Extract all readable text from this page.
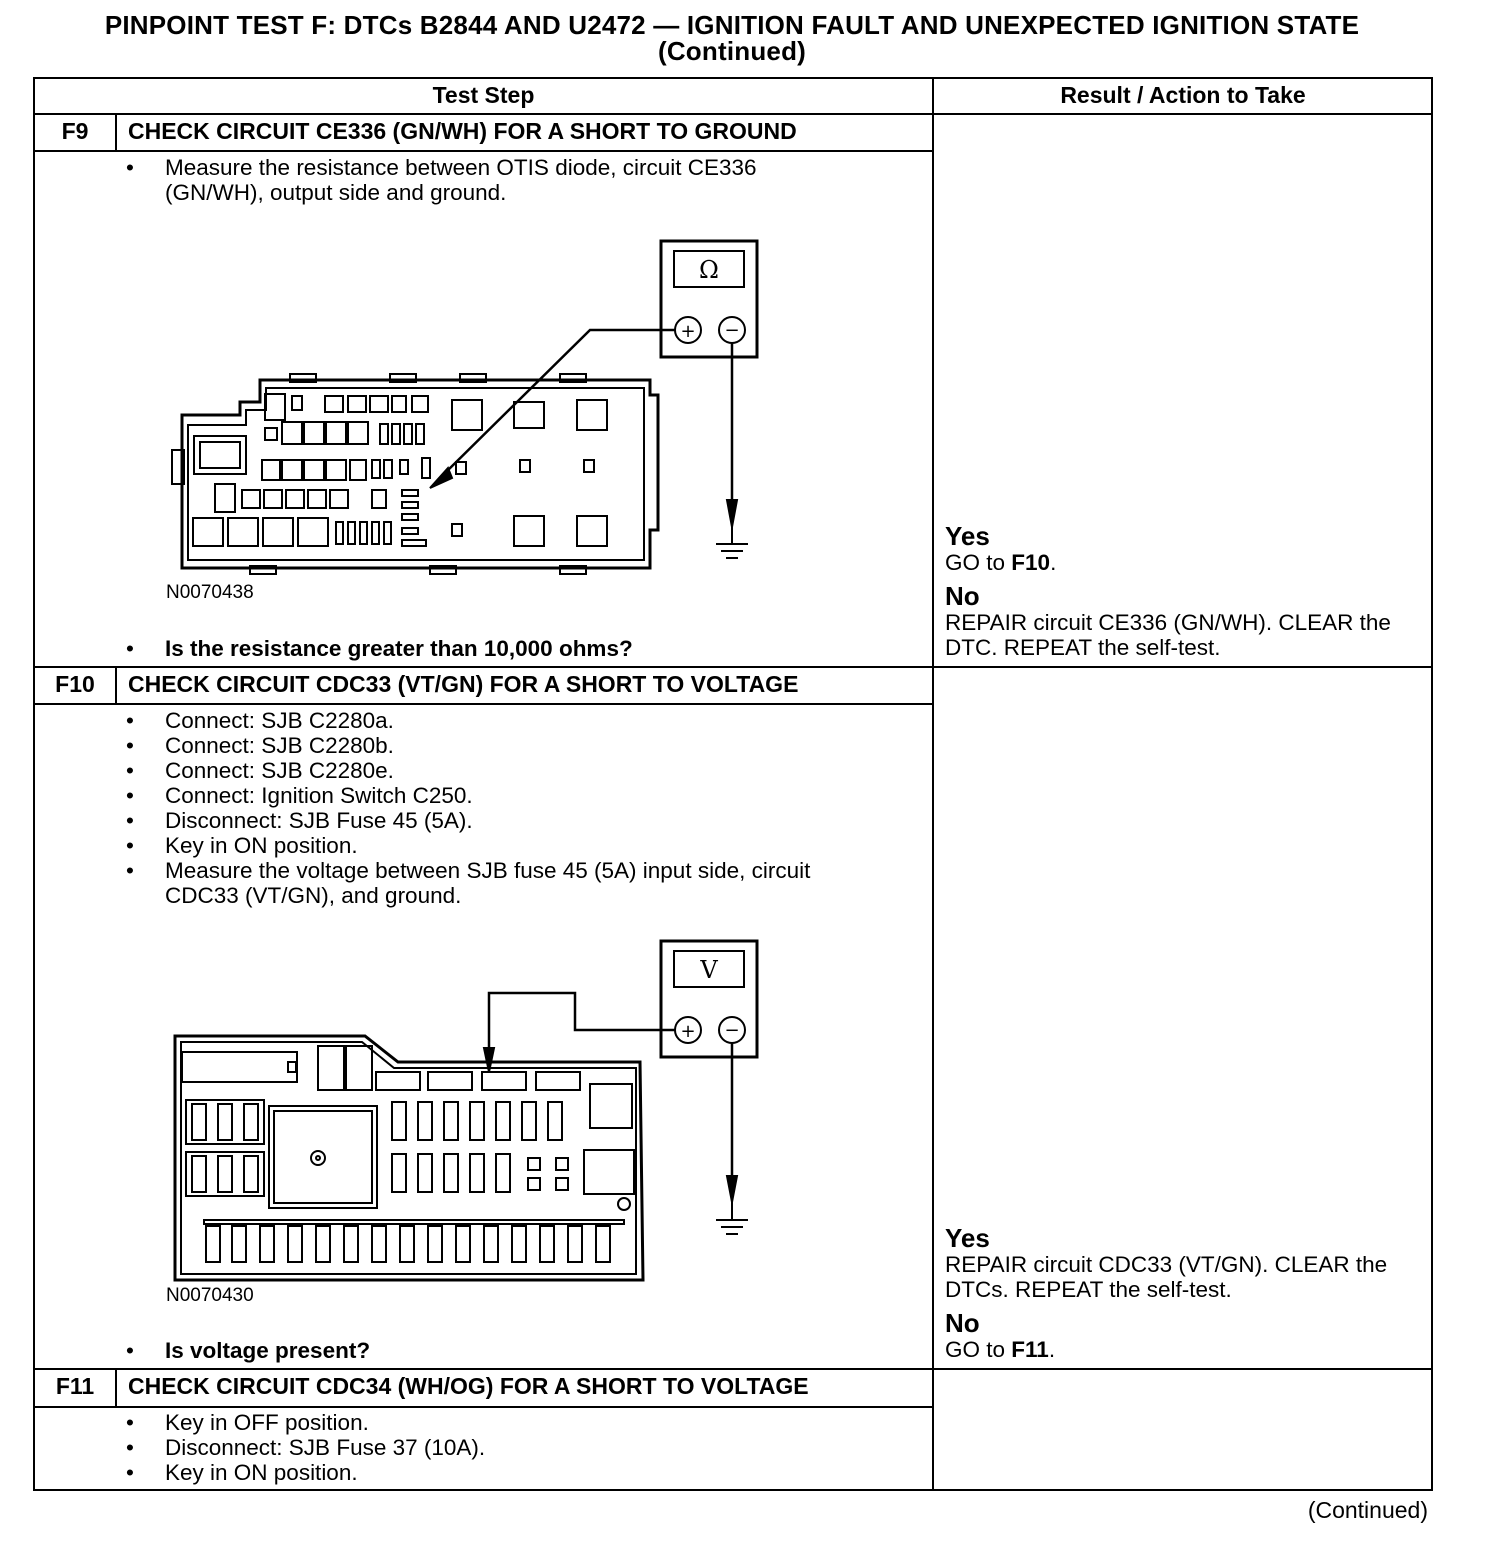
PINPOINT TEST F: DTCs B2844 AND U2472 — IGNITION FAULT AND UNEXPECTED IGNITION STATE
(Continued)
Test Step	Result / Action to Take
F9	CHECK CIRCUIT CE336 (GN/WH) FOR A SHORT TO GROUND
• Measure the resistance between OTIS diode, circuit CE336 (GN/WH), output side and ground.
Ω
+ −
N0070438
• Is the resistance greater than 10,000 ohms?
Yes
GO to F10.
No
REPAIR circuit CE336 (GN/WH). CLEAR the DTC. REPEAT the self-test.
F10	CHECK CIRCUIT CDC33 (VT/GN) FOR A SHORT TO VOLTAGE
• Connect: SJB C2280a.
• Connect: SJB C2280b.
• Connect: SJB C2280e.
• Connect: Ignition Switch C250.
• Disconnect: SJB Fuse 45 (5A).
• Key in ON position.
• Measure the voltage between SJB fuse 45 (5A) input side, circuit CDC33 (VT/GN), and ground.
V
+ −
N0070430
• Is voltage present?
Yes
REPAIR circuit CDC33 (VT/GN). CLEAR the DTCs. REPEAT the self-test.
No
GO to F11.
F11	CHECK CIRCUIT CDC34 (WH/OG) FOR A SHORT TO VOLTAGE
• Key in OFF position.
• Disconnect: SJB Fuse 37 (10A).
• Key in ON position.
(Continued)
